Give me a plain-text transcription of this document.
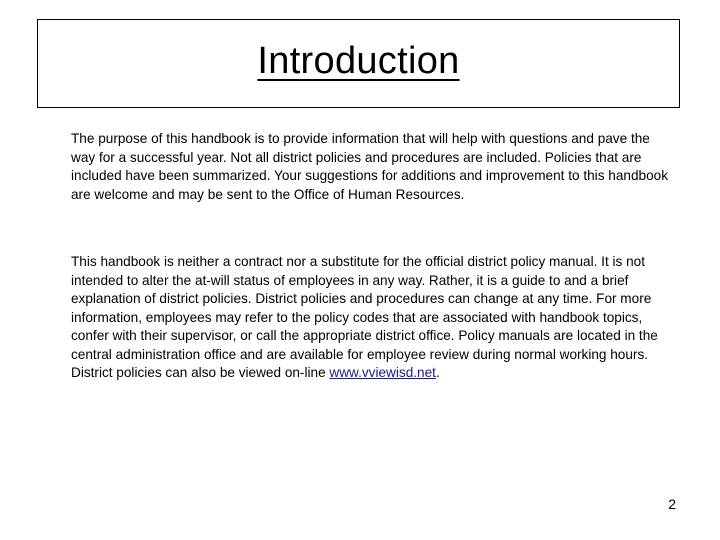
Introduction

The purpose of this handbook is to provide information that will help with questions and pave the way for a successful year. Not all district policies and procedures are included. Policies that are included have been summarized. Your suggestions for additions and improvement to this handbook are welcome and may be sent to the Office of Human Resources.

This handbook is neither a contract nor a substitute for the official district policy manual. It is not intended to alter the at-will status of employees in any way. Rather, it is a guide to and a brief explanation of district policies. District policies and procedures can change at any time. For more information, employees may refer to the policy codes that are associated with handbook topics, confer with their supervisor, or call the appropriate district office. Policy manuals are located in the central administration office and are available for employee review during normal working hours. District policies can also be viewed on-line www.vviewisd.net.

2
